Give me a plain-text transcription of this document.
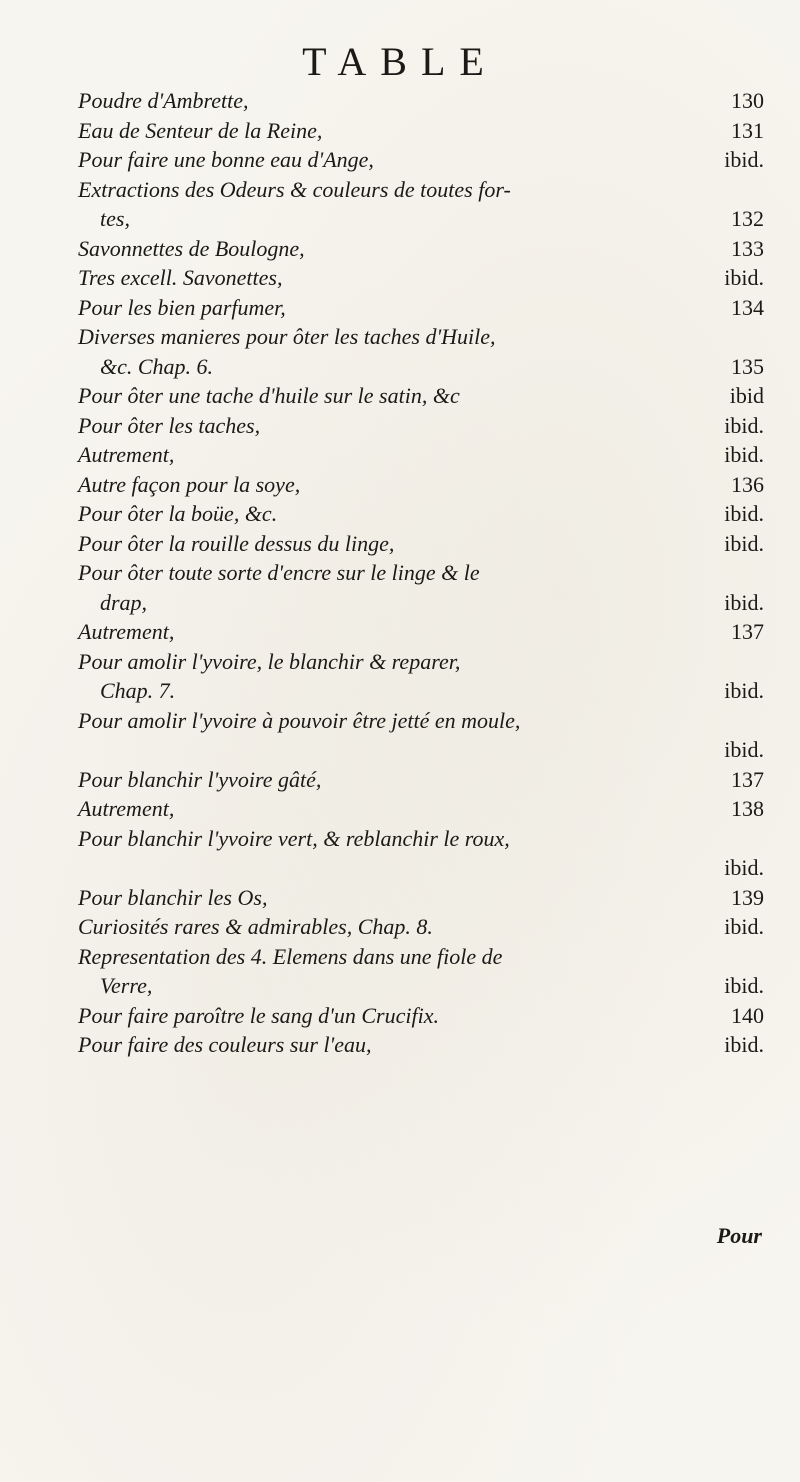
TABLE
Poudre d'Ambrette,	130
Eau de Senteur de la Reine,	131
Pour faire une bonne eau d'Ange,	ibid.
Extractions des Odeurs & couleurs de toutes for-
tes,	132
Savonnettes de Boulogne,	133
Tres excell. Savonettes,	ibid.
Pour les bien parfumer,	134
Diverses manieres pour ôter les taches d'Huile,
&c. Chap. 6.	135
Pour ôter une tache d'huile sur le satin, &c	ibid
Pour ôter les taches,	ibid.
Autrement,	ibid.
Autre façon pour la soye,	136
Pour ôter la boüe, &c.	ibid.
Pour ôter la rouille dessus du linge,	ibid.
Pour ôter toute sorte d'encre sur le linge & le
drap,	ibid.
Autrement,	137
Pour amolir l'yvoire, le blanchir & reparer,
Chap. 7.	ibid.
Pour amolir l'yvoire à pouvoir être jetté en moule,
ibid.
Pour blanchir l'yvoire gâté,	137
Autrement,	138
Pour blanchir l'yvoire vert, & reblanchir le roux,
ibid.
Pour blanchir les Os,	139
Curiosités rares & admirables, Chap. 8.	ibid.
Representation des 4. Elemens dans une fiole de
Verre,	ibid.
Pour faire paroître le sang d'un Crucifix.	140
Pour faire des couleurs sur l'eau,	ibid.
Pour
